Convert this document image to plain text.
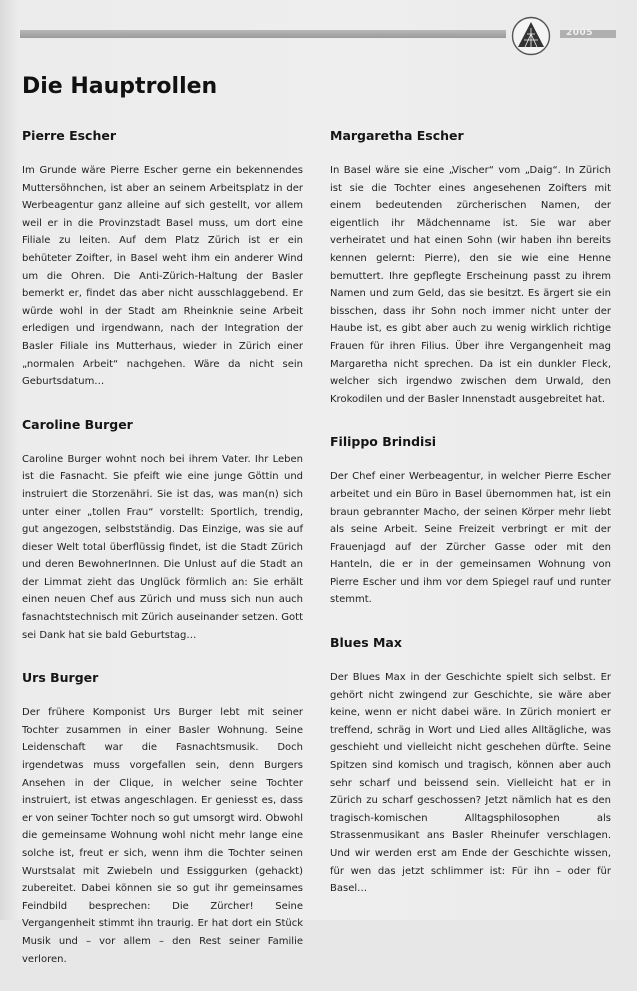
2005

Die Hauptrollen
Pierre Escher

Im Grunde wäre Pierre Escher gerne ein bekennendes Muttersöhnchen, ist aber an seinem Arbeitsplatz in der Werbeagentur ganz alleine auf sich gestellt, vor allem weil er in die Provinzstadt Basel muss, um dort eine Filiale zu leiten. Auf dem Platz Zürich ist er ein behüteter Zoifter, in Basel weht ihm ein anderer Wind um die Ohren. Die Anti-Zürich-Haltung der Basler bemerkt er, findet das aber nicht ausschlaggebend. Er würde wohl in der Stadt am Rheinknie seine Arbeit erledigen und irgendwann, nach der Integration der Basler Filiale ins Mutterhaus, wieder in Zürich einer „normalen Arbeit“ nachgehen. Wäre da nicht sein Geburtsdatum…

Caroline Burger

Caroline Burger wohnt noch bei ihrem Vater. Ihr Leben ist die Fasnacht. Sie pfeift wie eine junge Göttin und instruiert die Storzenähri. Sie ist das, was man(n) sich unter einer „tollen Frau“ vorstellt: Sportlich, trendig, gut angezogen, selbstständig. Das Einzige, was sie auf dieser Welt total überflüssig findet, ist die Stadt Zürich und deren BewohnerInnen. Die Unlust auf die Stadt an der Limmat zieht das Unglück förmlich an: Sie erhält einen neuen Chef aus Zürich und muss sich nun auch fasnachtstechnisch mit Zürich auseinander setzen. Gott sei Dank hat sie bald Geburtstag…

Urs Burger

Der frühere Komponist Urs Burger lebt mit seiner Tochter zusammen in einer Basler Wohnung. Seine Leidenschaft war die Fasnachtsmusik. Doch irgendetwas muss vorgefallen sein, denn Burgers Ansehen in der Clique, in welcher seine Tochter instruiert, ist etwas angeschlagen. Er geniesst es, dass er von seiner Tochter noch so gut umsorgt wird. Obwohl die gemeinsame Wohnung wohl nicht mehr lange eine solche ist, freut er sich, wenn ihm die Tochter seinen Wurstsalat mit Zwiebeln und Essiggurken (gehackt) zubereitet. Dabei können sie so gut ihr gemeinsames Feindbild besprechen: Die Zürcher! Seine Vergangenheit stimmt ihn traurig. Er hat dort ein Stück Musik und – vor allem – den Rest seiner Familie verloren.

Margaretha Escher

In Basel wäre sie eine „Vischer“ vom „Daig“. In Zürich ist sie die Tochter eines angesehenen Zoifters mit einem bedeutenden zürcherischen Namen, der eigentlich ihr Mädchenname ist. Sie war aber verheiratet und hat einen Sohn (wir haben ihn bereits kennen gelernt: Pierre), den sie wie eine Henne bemuttert. Ihre gepflegte Erscheinung passt zu ihrem Namen und zum Geld, das sie besitzt. Es ärgert sie ein bisschen, dass ihr Sohn noch immer nicht unter der Haube ist, es gibt aber auch zu wenig wirklich richtige Frauen für ihren Filius. Über ihre Vergangenheit mag Margaretha nicht sprechen. Da ist ein dunkler Fleck, welcher sich irgendwo zwischen dem Urwald, den Krokodilen und der Basler Innenstadt ausgebreitet hat.

Filippo Brindisi

Der Chef einer Werbeagentur, in welcher Pierre Escher arbeitet und ein Büro in Basel übernommen hat, ist ein braun gebrannter Macho, der seinen Körper mehr liebt als seine Arbeit. Seine Freizeit verbringt er mit der Frauenjagd auf der Zürcher Gasse oder mit den Hanteln, die er in der gemeinsamen Wohnung von Pierre Escher und ihm vor dem Spiegel rauf und runter stemmt.

Blues Max

Der Blues Max in der Geschichte spielt sich selbst. Er gehört nicht zwingend zur Geschichte, sie wäre aber keine, wenn er nicht dabei wäre. In Zürich moniert er treffend, schräg in Wort und Lied alles Alltägliche, was geschieht und vielleicht nicht geschehen dürfte. Seine Spitzen sind komisch und tragisch, können aber auch sehr scharf und beissend sein. Vielleicht hat er in Zürich zu scharf geschossen? Jetzt nämlich hat es den tragisch-komischen Alltagsphilosophen als Strassenmusikant ans Basler Rheinufer verschlagen. Und wir werden erst am Ende der Geschichte wissen, für wen das jetzt schlimmer ist: Für ihn – oder für Basel…
